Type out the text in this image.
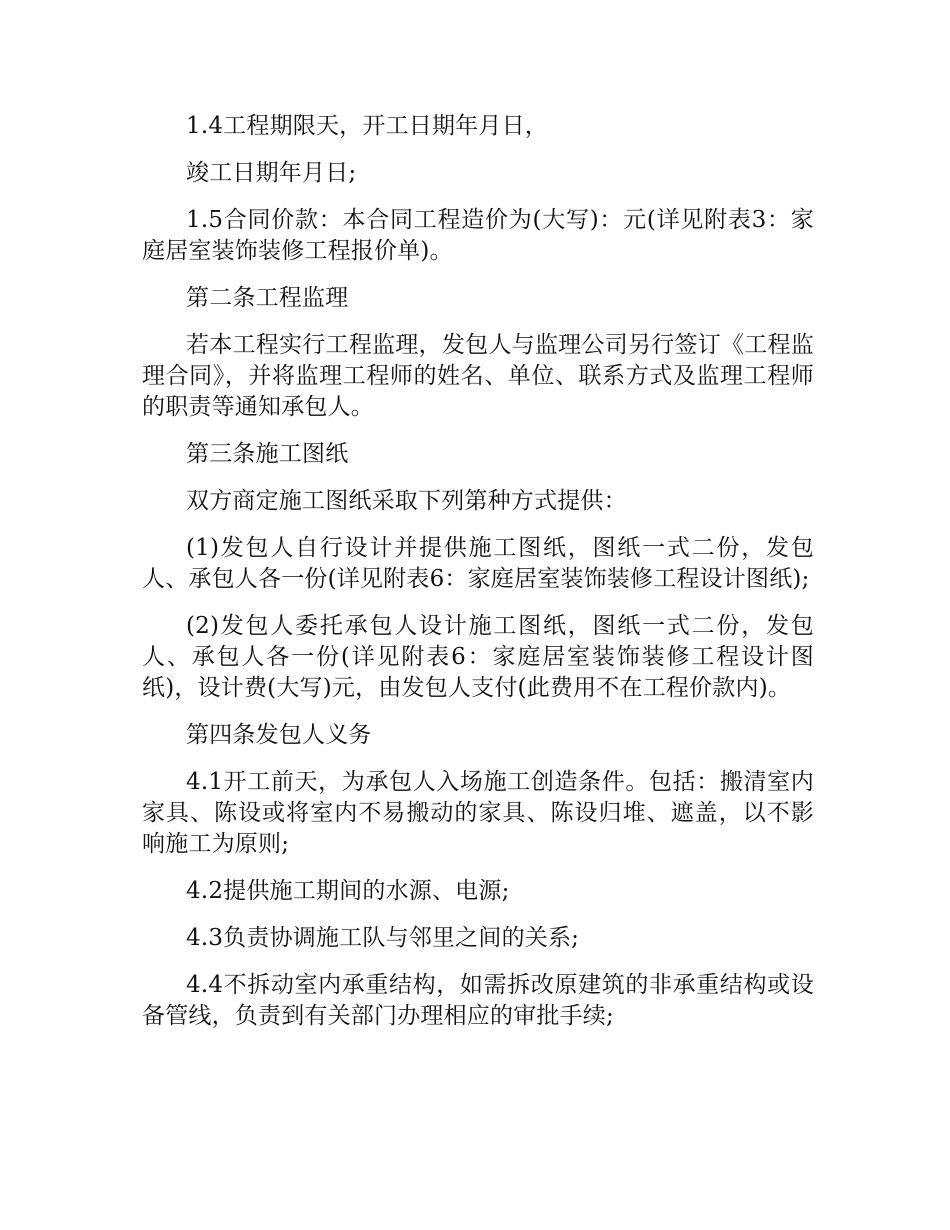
1.4工程期限天，开工日期年月日，

竣工日期年月日;

1.5合同价款：本合同工程造价为(大写)：元(详见附表3：家庭居室装饰装修工程报价单)。

第二条工程监理

若本工程实行工程监理，发包人与监理公司另行签订《工程监理合同》，并将监理工程师的姓名、单位、联系方式及监理工程师的职责等通知承包人。

第三条施工图纸

双方商定施工图纸采取下列第种方式提供：

(1)发包人自行设计并提供施工图纸，图纸一式二份，发包人、承包人各一份(详见附表6：家庭居室装饰装修工程设计图纸);

(2)发包人委托承包人设计施工图纸，图纸一式二份，发包人、承包人各一份(详见附表6：家庭居室装饰装修工程设计图纸)，设计费(大写)元，由发包人支付(此费用不在工程价款内)。

第四条发包人义务

4.1开工前天，为承包人入场施工创造条件。包括：搬清室内家具、陈设或将室内不易搬动的家具、陈设归堆、遮盖，以不影响施工为原则;

4.2提供施工期间的水源、电源;

4.3负责协调施工队与邻里之间的关系;

4.4不拆动室内承重结构，如需拆改原建筑的非承重结构或设备管线，负责到有关部门办理相应的审批手续;
